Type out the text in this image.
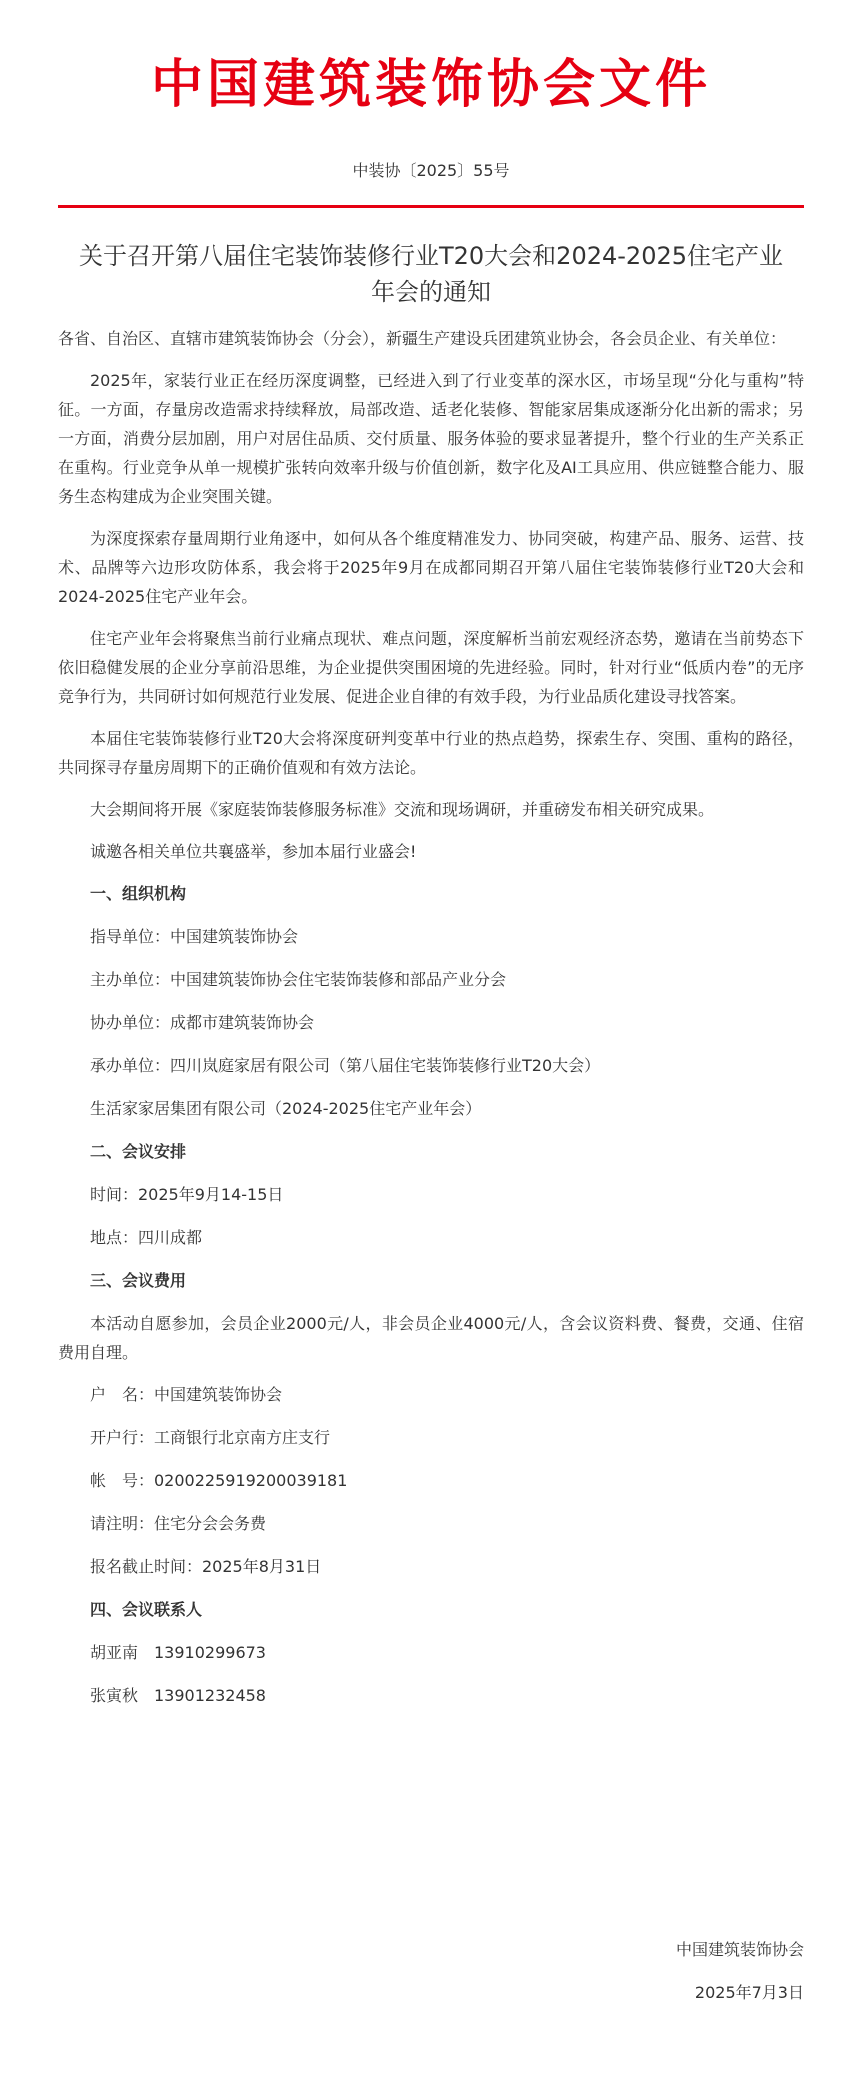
中国建筑装饰协会文件
中装协〔2025〕55号
关于召开第八届住宅装饰装修行业T20大会和2024-2025住宅产业年会的通知

各省、自治区、直辖市建筑装饰协会（分会），新疆生产建设兵团建筑业协会，各会员企业、有关单位：

2025年，家装行业正在经历深度调整，已经进入到了行业变革的深水区，市场呈现“分化与重构”特征。一方面，存量房改造需求持续释放，局部改造、适老化装修、智能家居集成逐渐分化出新的需求；另一方面，消费分层加剧，用户对居住品质、交付质量、服务体验的要求显著提升，整个行业的生产关系正在重构。行业竞争从单一规模扩张转向效率升级与价值创新，数字化及AI工具应用、供应链整合能力、服务生态构建成为企业突围关键。

为深度探索存量周期行业角逐中，如何从各个维度精准发力、协同突破，构建产品、服务、运营、技术、品牌等六边形攻防体系，我会将于2025年9月在成都同期召开第八届住宅装饰装修行业T20大会和2024-2025住宅产业年会。

住宅产业年会将聚焦当前行业痛点现状、难点问题，深度解析当前宏观经济态势，邀请在当前势态下依旧稳健发展的企业分享前沿思维，为企业提供突围困境的先进经验。同时，针对行业“低质内卷”的无序竞争行为，共同研讨如何规范行业发展、促进企业自律的有效手段，为行业品质化建设寻找答案。

本届住宅装饰装修行业T20大会将深度研判变革中行业的热点趋势，探索生存、突围、重构的路径，共同探寻存量房周期下的正确价值观和有效方法论。

大会期间将开展《家庭装饰装修服务标准》交流和现场调研，并重磅发布相关研究成果。

诚邀各相关单位共襄盛举，参加本届行业盛会!

一、组织机构

指导单位：中国建筑装饰协会

主办单位：中国建筑装饰协会住宅装饰装修和部品产业分会

协办单位：成都市建筑装饰协会

承办单位：四川岚庭家居有限公司（第八届住宅装饰装修行业T20大会）

生活家家居集团有限公司（2024-2025住宅产业年会）

二、会议安排

时间：2025年9月14-15日

地点：四川成都

三、会议费用

本活动自愿参加，会员企业2000元/人，非会员企业4000元/人，含会议资料费、餐费，交通、住宿费用自理。

户　名：中国建筑装饰协会

开户行：工商银行北京南方庄支行

帐　号：0200225919200039181

请注明：住宅分会会务费

报名截止时间：2025年8月31日

四、会议联系人

胡亚南　13910299673

张寅秋　13901232458

中国建筑装饰协会
2025年7月3日
